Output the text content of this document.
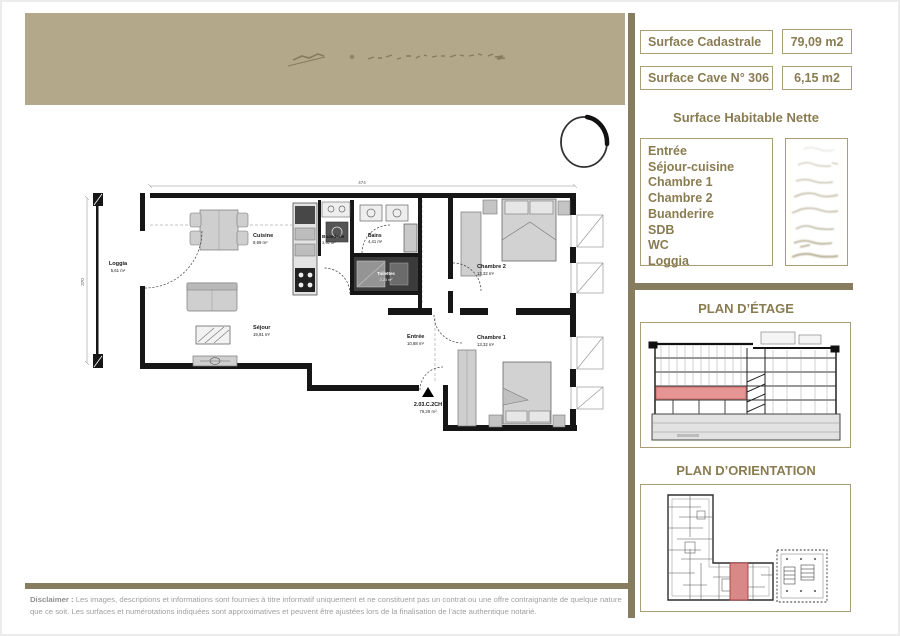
474
370
Loggia
5,61 m²
Cuisine
9,69 m²
Buanderie
3,92 m²
Bains
4,41 m²
Toilettes
2,23 m²
Séjour
19,81 m²	Entrée
10,88 m²
Chambre 2
13,32 m²
Chambre 1
13,32 m²
2.03.C.2CH
79,28 m²
Surface Cadastrale 79,09 m2
Surface Cave N° 306 6,15 m2
Surface Habitable Nette
Entrée
Séjour-cuisine
Chambre 1
Chambre 2
Buanderire
SDB
WC
Loggia
PLAN D’ÉTAGE
PLAN D’ORIENTATION
Disclaimer : Les images, descriptions et informations sont fournies à titre informatif uniquement et ne constituent pas un contrat ou une offre contraignante de quelque nature que ce soit. Les surfaces et numérotations indiquées sont approximatives et peuvent être ajustées lors de la finalisation de l'acte authentique notarié.
